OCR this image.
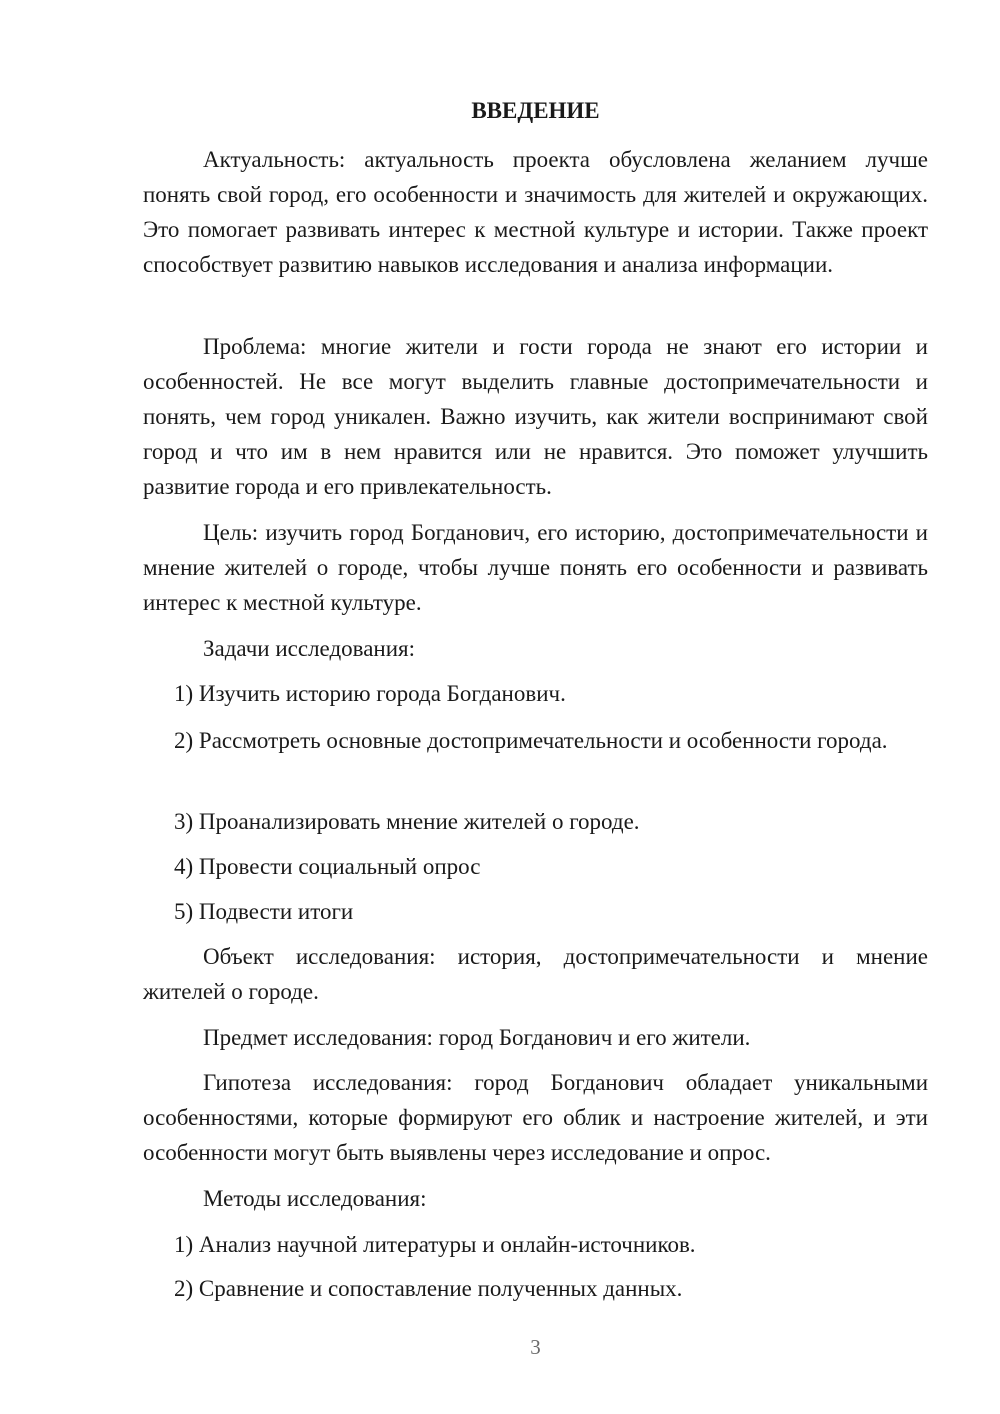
ВВЕДЕНИЕ

Актуальность: актуальность проекта обусловлена желанием лучше понять свой город, его особенности и значимость для жителей и окружающих. Это помогает развивать интерес к местной культуре и истории. Также проект способствует развитию навыков исследования и анализа информации.

Проблема: многие жители и гости города не знают его истории и особенностей. Не все могут выделить главные достопримечательности и понять, чем город уникален. Важно изучить, как жители воспринимают свой город и что им в нем нравится или не нравится. Это поможет улучшить развитие города и его привлекательность.

Цель: изучить город Богданович, его историю, достопримечательности и мнение жителей о городе, чтобы лучше понять его особенности и развивать интерес к местной культуре.

Задачи исследования:

1) Изучить историю города Богданович.

2) Рассмотреть основные достопримечательности и особенности города.

3) Проанализировать мнение жителей о городе.

4) Провести социальный опрос

5) Подвести итоги

Объект исследования: история, достопримечательности и мнение жителей о городе.

Предмет исследования: город Богданович и его жители.

Гипотеза исследования: город Богданович обладает уникальными особенностями, которые формируют его облик и настроение жителей, и эти особенности могут быть выявлены через исследование и опрос.

Методы исследования:

1) Анализ научной литературы и онлайн-источников.

2) Сравнение и сопоставление полученных данных.

3
